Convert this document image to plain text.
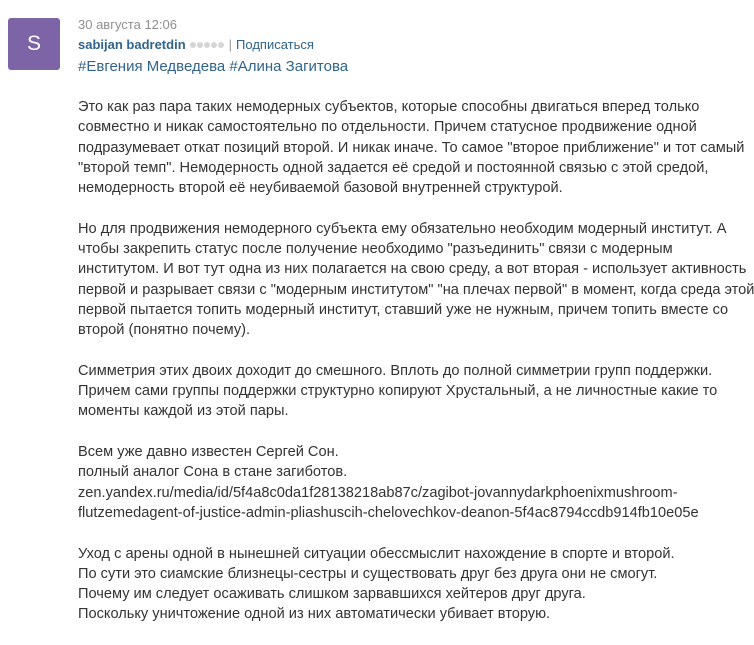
S
30 августа 12:06
sabijan badretdin	| Подписаться
#Евгения Медведева #Алина Загитова
Это как раз пара таких немодерных субъектов, которые способны двигаться вперед только
совместно и никак самостоятельно по отдельности. Причем статусное продвижение одной
подразумевает откат позиций второй. И никак иначе. То самое "второе приближение" и тот самый
"второй темп". Немодерность одной задается её средой и постоянной связью с этой средой,
немодерность второй её неубиваемой базовой внутренней структурой.
Но для продвижения немодерного субъекта ему обязательно необходим модерный институт. А
чтобы закрепить статус после получение необходимо "разъединить" связи с модерным
институтом. И вот тут одна из них полагается на свою среду, а вот вторая - использует активность
первой и разрывает связи с "модерным институтом" "на плечах первой" в момент, когда среда этой
первой пытается топить модерный институт, ставший уже не нужным, причем топить вместе со
второй (понятно почему).
Симметрия этих двоих доходит до смешного. Вплоть до полной симметрии групп поддержки.
Причем сами группы поддержки структурно копируют Хрустальный, а не личностные какие то
моменты каждой из этой пары.
Всем уже давно известен Сергей Сон.
полный аналог Сона в стане загиботов.
zen.yandex.ru/media/id/5f4a8c0da1f28138218ab87c/zagibot-jovannydarkphoenixmushroom-
flutzemedagent-of-justice-admin-pliashuscih-chelovechkov-deanon-5f4ac8794ccdb914fb10e05e
Уход с арены одной в нынешней ситуации обессмыслит нахождение в спорте и второй.
По сути это сиамские близнецы-сестры и существовать друг без друга они не смогут.
Почему им следует осаживать слишком зарвавшихся хейтеров друг друга.
Поскольку уничтожение одной из них автоматически убивает вторую.
